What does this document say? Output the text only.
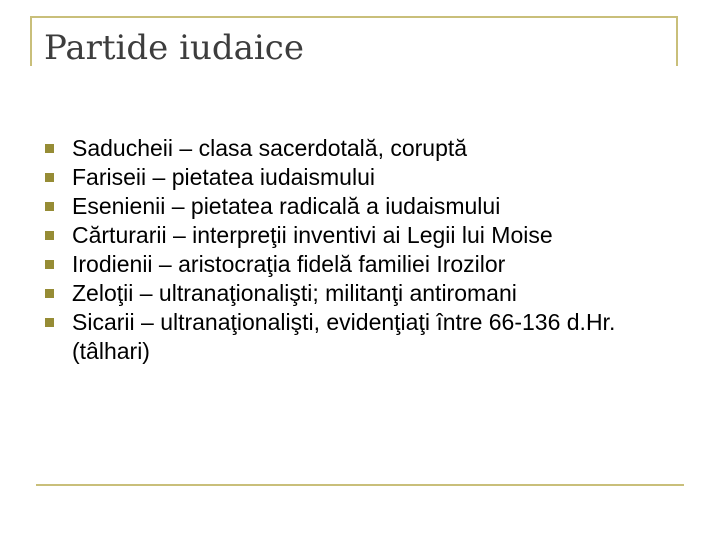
Partide iudaice
Saducheii – clasa sacerdotală, coruptă
Fariseii – pietatea iudaismului
Esenienii – pietatea radicală a iudaismului
Cărturarii – interpreţii inventivi ai Legii lui Moise
Irodienii – aristocraţia fidelă familiei Irozilor
Zeloţii – ultranaţionalişti; militanţi antiromani
Sicarii – ultranaţionalişti, evidenţiaţi între 66-136 d.Hr. (tâlhari)
